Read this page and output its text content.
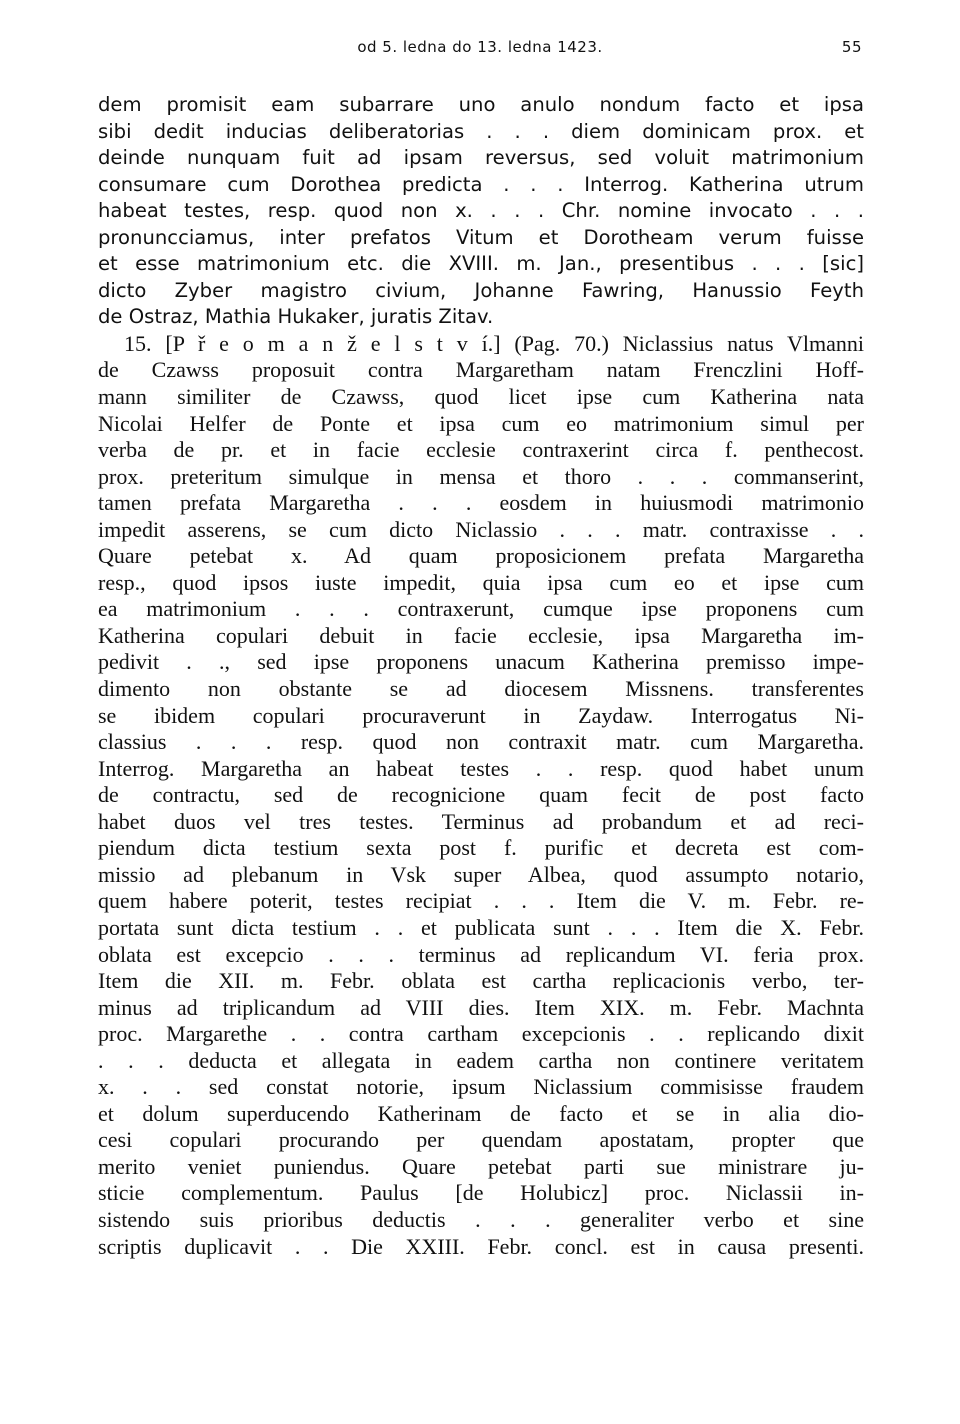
od 5. ledna do 13. ledna 1423.	55
dem promisit eam subarrare uno anulo nondum facto et ipsa
sibi dedit inducias deliberatorias . . . diem dominicam prox. et
deinde nunquam fuit ad ipsam reversus, sed voluit matrimonium
consumare cum Dorothea predicta . . . Interrog. Katherina utrum
habeat testes, resp. quod non x. . . . Chr. nomine invocato . . .
pronuncciamus, inter prefatos Vitum et Dorotheam verum fuisse
et esse matrimonium etc. die XVIII. m. Jan., presentibus . . . [sic]
dicto Zyber magistro civium, Johanne Fawring, Hanussio Feyth
de Ostraz, Mathia Hukaker, juratis Zitav.
15. [P ř e o m a n ž e l s t v í.] (Pag. 70.) Niclassius natus Vlmanni
de Czawss proposuit contra Margaretham natam Frenczlini Hoff-
mann similiter de Czawss, quod licet ipse cum Katherina nata
Nicolai Helfer de Ponte et ipsa cum eo matrimonium simul per
verba de pr. et in facie ecclesie contraxerint circa f. penthecost.
prox. preteritum simulque in mensa et thoro . . . commanserint,
tamen prefata Margaretha . . . eosdem in huiusmodi matrimonio
impedit asserens, se cum dicto Niclassio . . . matr. contraxisse . .
Quare petebat x. Ad quam proposicionem prefata Margaretha
resp., quod ipsos iuste impedit, quia ipsa cum eo et ipse cum
ea matrimonium . . . contraxerunt, cumque ipse proponens cum
Katherina copulari debuit in facie ecclesie, ipsa Margaretha im-
pedivit . ., sed ipse proponens unacum Katherina premisso impe-
dimento non obstante se ad diocesem Missnens. transferentes
se ibidem copulari procuraverunt in Zaydaw. Interrogatus Ni-
classius . . . resp. quod non contraxit matr. cum Margaretha.
Interrog. Margaretha an habeat testes . . resp. quod habet unum
de contractu, sed de recognicione quam fecit de post facto
habet duos vel tres testes. Terminus ad probandum et ad reci-
piendum dicta testium sexta post f. purific et decreta est com-
missio ad plebanum in Vsk super Albea, quod assumpto notario,
quem habere poterit, testes recipiat . . . Item die V. m. Febr. re-
portata sunt dicta testium . . et publicata sunt . . . Item die X. Febr.
oblata est excepcio . . . terminus ad replicandum VI. feria prox.
Item die XII. m. Febr. oblata est cartha replicacionis verbo, ter-
minus ad triplicandum ad VIII dies. Item XIX. m. Febr. Machnta
proc. Margarethe . . contra cartham excepcionis . . replicando dixit
. . . deducta et allegata in eadem cartha non continere veritatem
x. . . sed constat notorie, ipsum Niclassium commisisse fraudem
et dolum superducendo Katherinam de facto et se in alia dio-
cesi copulari procurando per quendam apostatam, propter que
merito veniet puniendus. Quare petebat parti sue ministrare ju-
sticie complementum. Paulus [de Holubicz] proc. Niclassii in-
sistendo suis prioribus deductis . . . generaliter verbo et sine
scriptis duplicavit . . Die XXIII. Febr. concl. est in causa presenti.
